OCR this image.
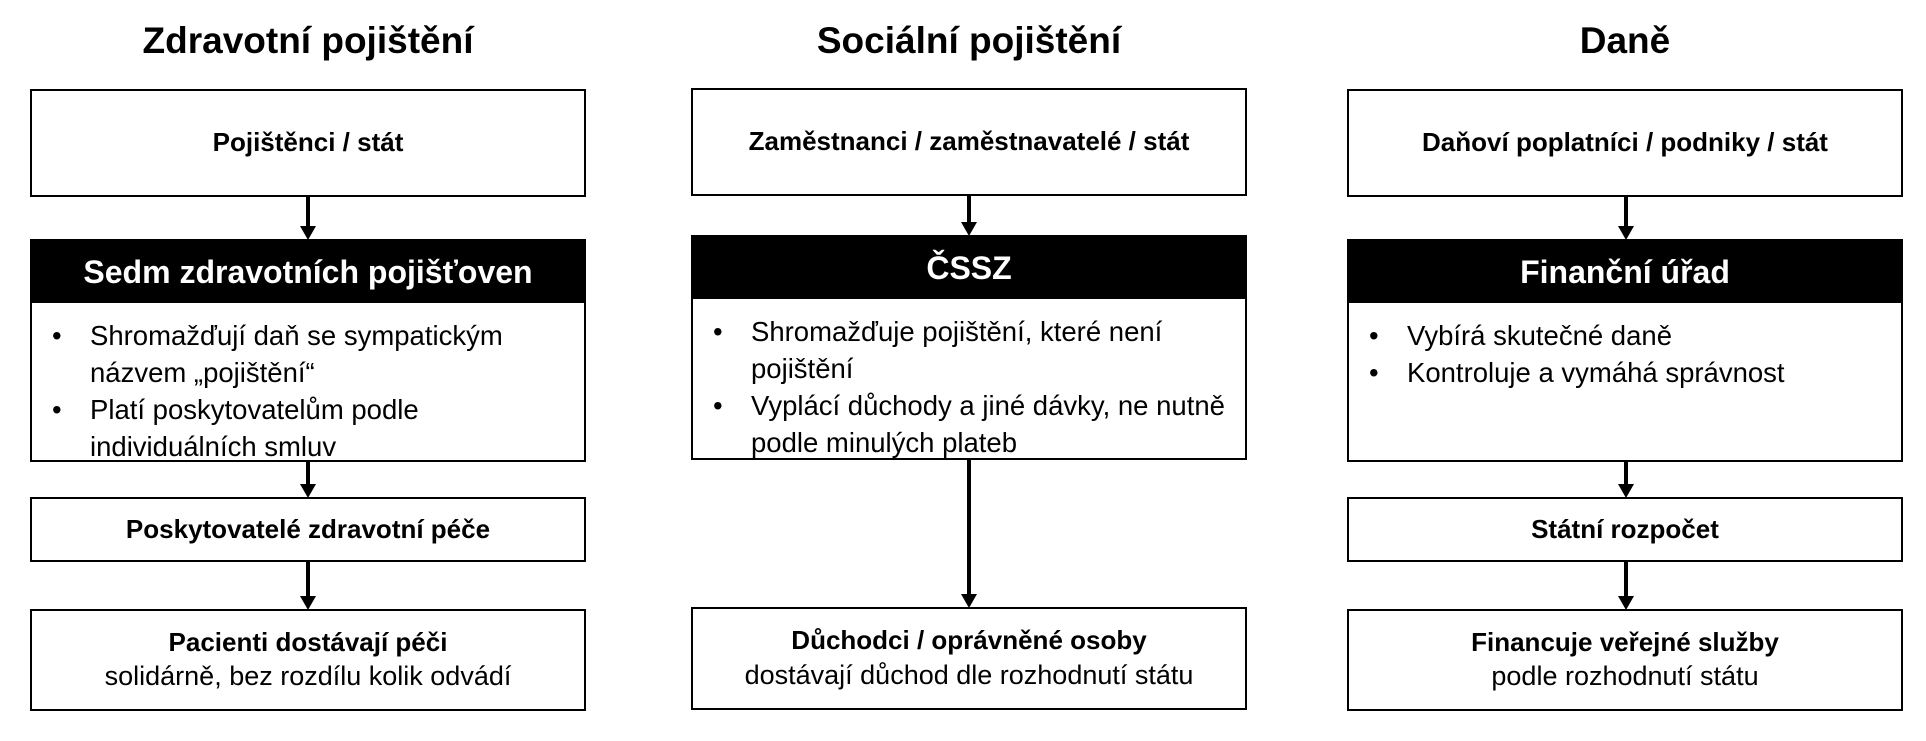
Zdravotní pojištění
Pojištěnci / stát
Sedm zdravotních pojišťoven
• Shromažďují daň se sympatickým názvem „pojištění“
• Platí poskytovatelům podle individuálních smluv
Poskytovatelé zdravotní péče
Pacienti dostávají péči
solidárně, bez rozdílu kolik odvádí
Sociální pojištění
Zaměstnanci / zaměstnavatelé / stát
ČSSZ
• Shromažďuje pojištění, které není pojištění
• Vyplácí důchody a jiné dávky, ne nutně podle minulých plateb
Důchodci / oprávněné osoby
dostávají důchod dle rozhodnutí státu
Daně
Daňoví poplatníci / podniky / stát
Finanční úřad
• Vybírá skutečné daně
• Kontroluje a vymáhá správnost
Státní rozpočet
Financuje veřejné služby
podle rozhodnutí státu
